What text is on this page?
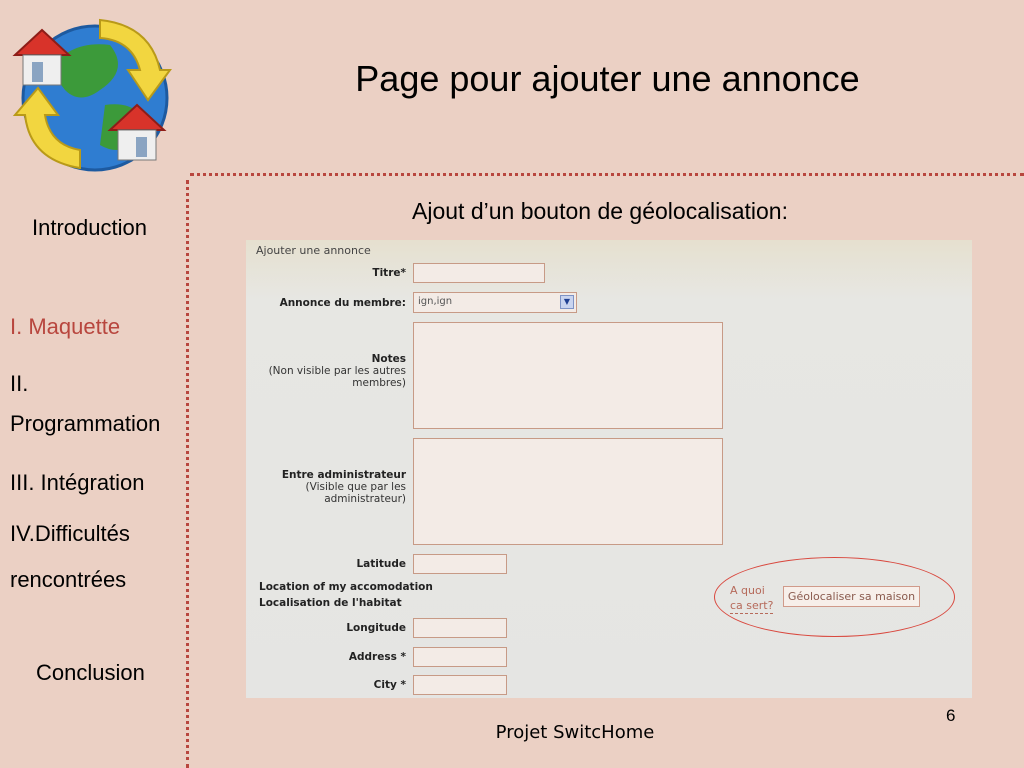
Page pour ajouter une annonce
Introduction
I. Maquette
II.
Programmation
III. Intégration
IV.Difficultés
rencontrées
Conclusion
Ajout d’un bouton de géolocalisation:
Ajouter une annonce
Titre*
Annonce du membre:	ign,ign	▼
Notes
(Non visible par les autres
membres)
Entre administrateur
(Visible que par les
administrateur)
Latitude
Location of my accomodation
Localisation de l'habitat
Longitude
Address *
City *
A quoi
ca sert?
Géolocaliser sa maison
6
Projet SwitcHome
